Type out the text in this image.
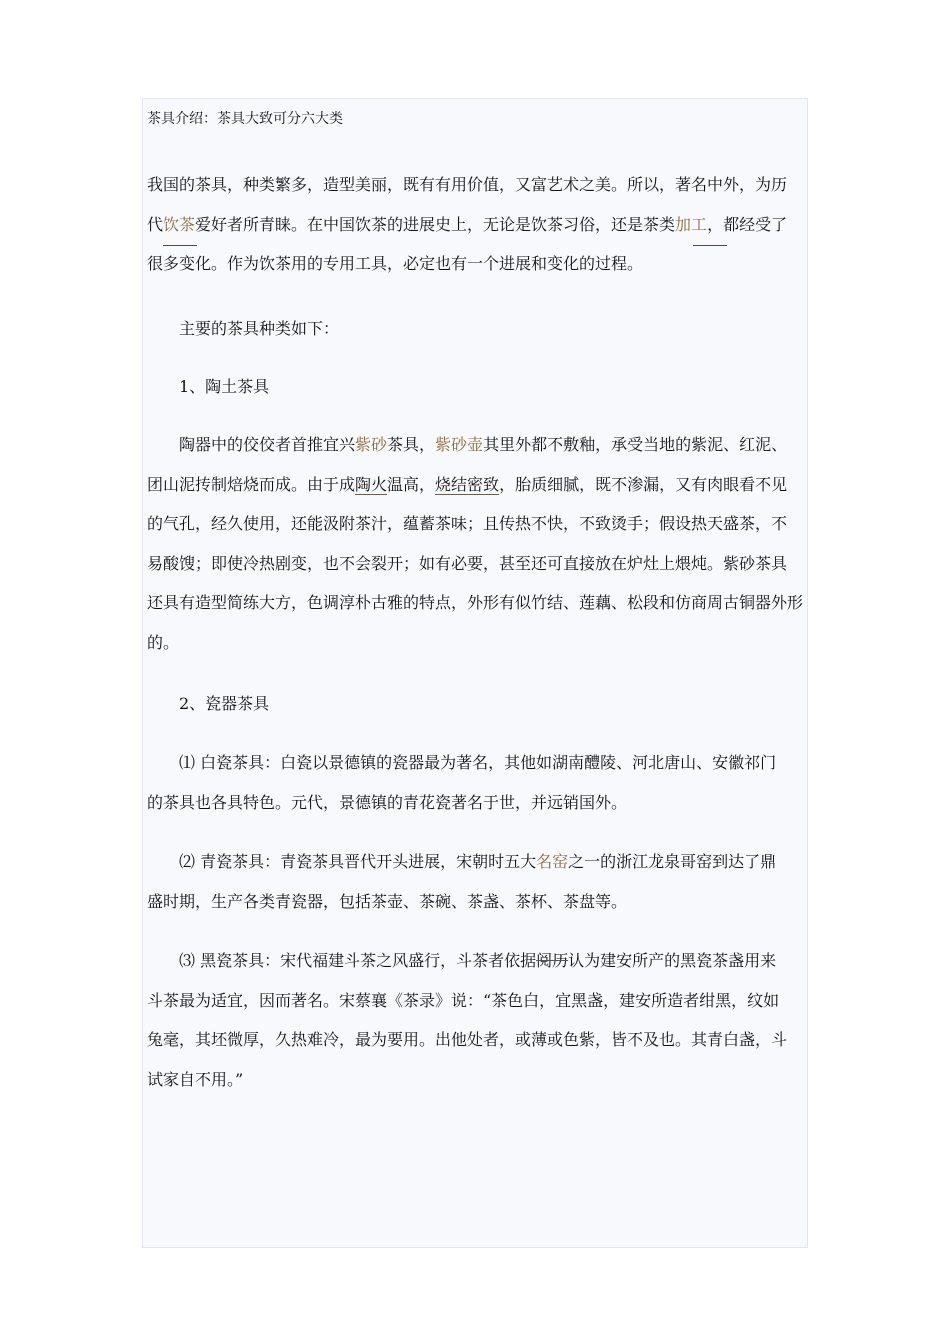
茶具介绍：茶具大致可分六大类
我国的茶具，种类繁多，造型美丽，既有有用价值，又富艺术之美。所以，著名中外，为历
代饮茶爱好者所青睐。在中国饮茶的进展史上，无论是饮茶习俗，还是茶类加工，都经受了
很多变化。作为饮茶用的专用工具，必定也有一个进展和变化的过程。
主要的茶具种类如下：
1、陶土茶具
陶器中的佼佼者首推宜兴紫砂茶具，紫砂壶其里外都不敷釉，承受当地的紫泥、红泥、
团山泥抟制焙烧而成。由于成陶火温高，烧结密致，胎质细腻，既不渗漏，又有肉眼看不见
的气孔，经久使用，还能汲附茶汁，蕴蓄茶味；且传热不快，不致烫手；假设热天盛茶，不
易酸馊；即使冷热剧变，也不会裂开；如有必要，甚至还可直接放在炉灶上煨炖。紫砂茶具
还具有造型简练大方，色调淳朴古雅的特点，外形有似竹结、莲藕、松段和仿商周古铜器外形
的。
2、瓷器茶具
⑴ 白瓷茶具：白瓷以景德镇的瓷器最为著名，其他如湖南醴陵、河北唐山、安徽祁门
的茶具也各具特色。元代，景德镇的青花瓷著名于世，并远销国外。
⑵ 青瓷茶具：青瓷茶具晋代开头进展，宋朝时五大名窑之一的浙江龙泉哥窑到达了鼎
盛时期，生产各类青瓷器，包括茶壶、茶碗、茶盏、茶杯、茶盘等。
⑶ 黑瓷茶具：宋代福建斗茶之风盛行，斗茶者依据阅历认为建安所产的黑瓷茶盏用来
斗茶最为适宜，因而著名。宋蔡襄《茶录》说：“茶色白，宜黑盏，建安所造者绀黑，纹如
兔毫，其坯微厚，久热难冷，最为要用。出他处者，或薄或色紫，皆不及也。其青白盏，斗
试家自不用。”
